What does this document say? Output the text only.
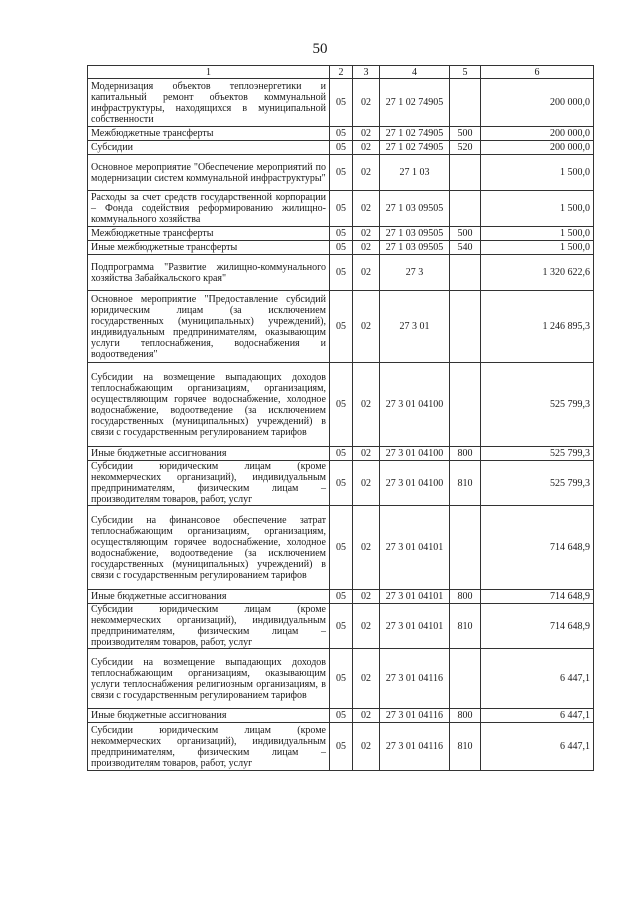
50
1	2	3	4	5	6
Модернизация объектов теплоэнергетики и капитальный ремонт объектов коммунальной инфраструктуры, находящихся в муниципальной собственности	05	02	27 1 02 74905		200 000,0
Межбюджетные трансферты	05	02	27 1 02 74905	500	200 000,0
Субсидии	05	02	27 1 02 74905	520	200 000,0
Основное мероприятие "Обеспечение мероприятий по модернизации систем коммунальной инфраструктуры"	05	02	27 1 03		1 500,0
Расходы за счет средств государственной корпорации – Фонда содействия реформированию жилищно-коммунального хозяйства	05	02	27 1 03 09505		1 500,0
Межбюджетные трансферты	05	02	27 1 03 09505	500	1 500,0
Иные межбюджетные трансферты	05	02	27 1 03 09505	540	1 500,0
Подпрограмма "Развитие жилищно-коммунального хозяйства Забайкальского края"	05	02	27 3		1 320 622,6
Основное мероприятие "Предоставление субсидий юридическим лицам (за исключением государственных (муниципальных) учреждений), индивидуальным предпринимателям, оказывающим услуги теплоснабжения, водоснабжения и водоотведения"	05	02	27 3 01		1 246 895,3
Субсидии на возмещение выпадающих доходов теплоснабжающим организациям, организациям, осуществляющим горячее водоснабжение, холодное водоснабжение, водоотведение (за исключением государственных (муниципальных) учреждений) в связи с государственным регулированием тарифов	05	02	27 3 01 04100		525 799,3
Иные бюджетные ассигнования	05	02	27 3 01 04100	800	525 799,3
Субсидии юридическим лицам (кроме некоммерческих организаций), индивидуальным предпринимателям, физическим лицам – производителям товаров, работ, услуг	05	02	27 3 01 04100	810	525 799,3
Субсидии на финансовое обеспечение затрат теплоснабжающим организациям, организациям, осуществляющим горячее водоснабжение, холодное водоснабжение, водоотведение (за исключением государственных (муниципальных) учреждений) в связи с государственным регулированием тарифов	05	02	27 3 01 04101		714 648,9
Иные бюджетные ассигнования	05	02	27 3 01 04101	800	714 648,9
Субсидии юридическим лицам (кроме некоммерческих организаций), индивидуальным предпринимателям, физическим лицам – производителям товаров, работ, услуг	05	02	27 3 01 04101	810	714 648,9
Субсидии на возмещение выпадающих доходов теплоснабжающим организациям, оказывающим услуги теплоснабжения религиозным организациям, в связи с государственным регулированием тарифов	05	02	27 3 01 04116		6 447,1
Иные бюджетные ассигнования	05	02	27 3 01 04116	800	6 447,1
Субсидии юридическим лицам (кроме некоммерческих организаций), индивидуальным предпринимателям, физическим лицам – производителям товаров, работ, услуг	05	02	27 3 01 04116	810	6 447,1
